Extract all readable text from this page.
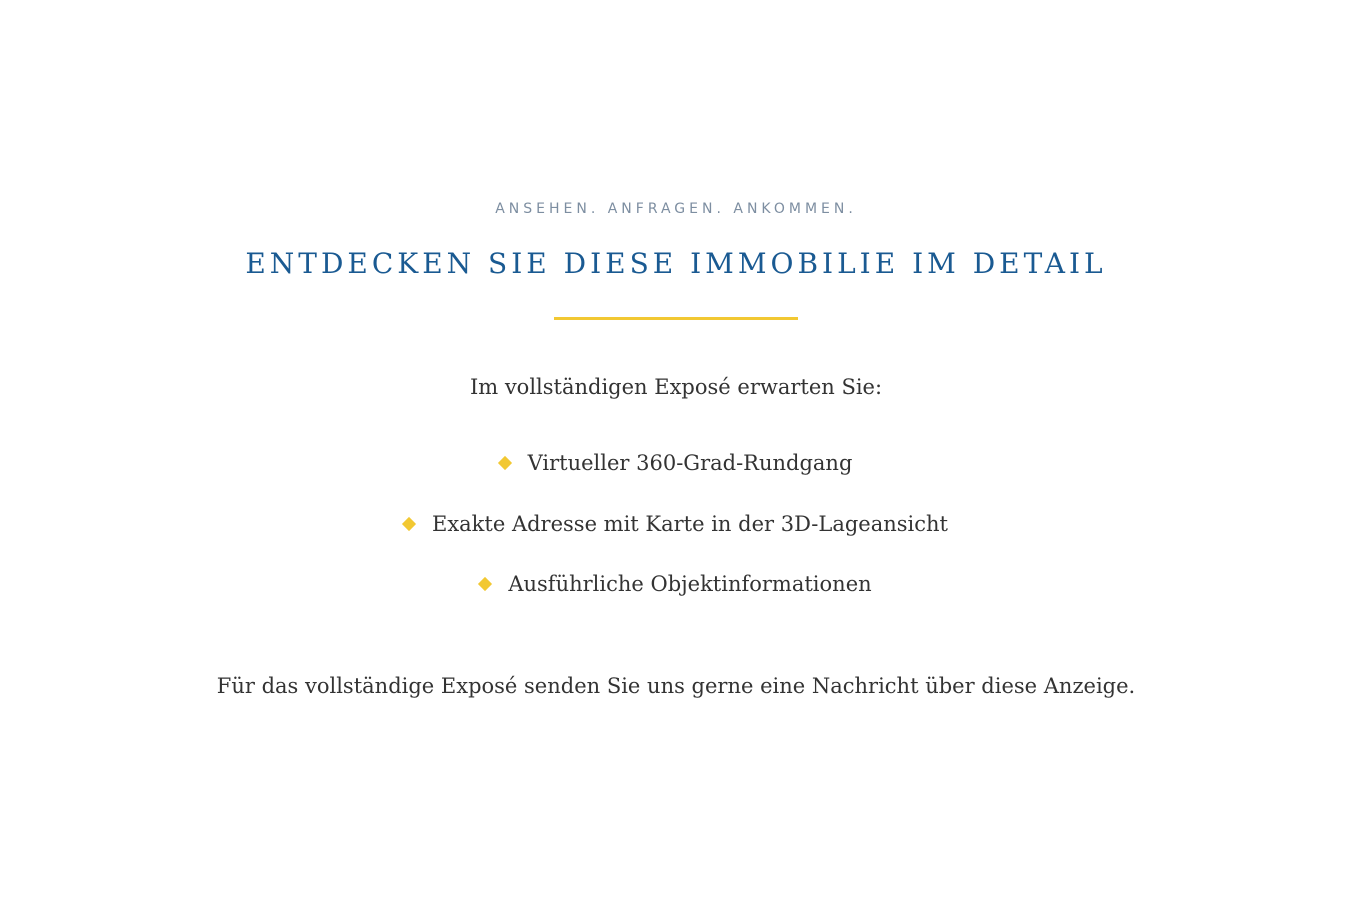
ANSEHEN. ANFRAGEN. ANKOMMEN.
ENTDECKEN SIE DIESE IMMOBILIE IM DETAIL
Im vollständigen Exposé erwarten Sie:
Virtueller 360-Grad-Rundgang
Exakte Adresse mit Karte in der 3D-Lageansicht
Ausführliche Objektinformationen
Für das vollständige Exposé senden Sie uns gerne eine Nachricht über diese Anzeige.
